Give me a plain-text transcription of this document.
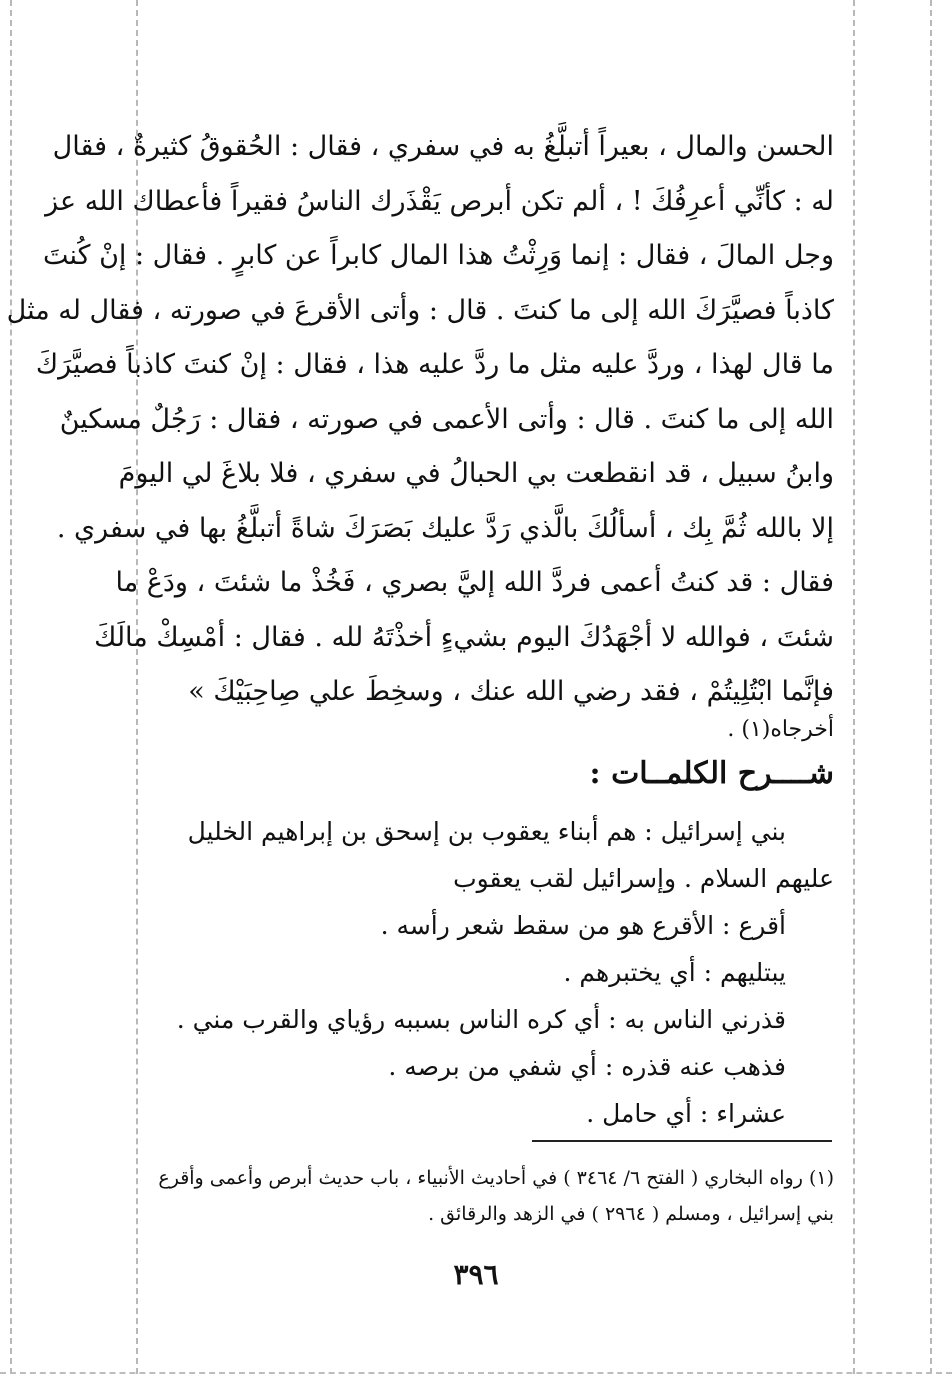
الحسن والمال ، بعيراً أتبلَّغُ به في سفري ، فقال : الحُقوقُ كثيرةٌ ، فقال
له : كأنِّي أعرِفُكَ ! ، ألم تكن أبرص يَقْذَرك الناسُ فقيراً فأعطاك الله عز
وجل المالَ ، فقال : إنما وَرِثْتُ هذا المال كابراً عن كابرٍ . فقال : إنْ كُنتَ
كاذباً فصيَّرَكَ الله إلى ما كنتَ . قال : وأتى الأقرعَ في صورته ، فقال له مثل
ما قال لهذا ، وردَّ عليه مثل ما ردَّ عليه هذا ، فقال : إنْ كنتَ كاذباً فصيَّرَكَ
الله إلى ما كنتَ . قال : وأتى الأعمى في صورته ، فقال : رَجُلٌ مسكينٌ
وابنُ سبيل ، قد انقطعت بي الحبالُ في سفري ، فلا بلاغَ لي اليومَ
إلا بالله ثُمَّ بِك ، أسألُكَ بالَّذي رَدَّ عليك بَصَرَكَ شاةً أتبلَّغُ بها في سفري .
فقال : قد كنتُ أعمى فردَّ الله إليَّ بصري ، فَخُذْ ما شئتَ ، ودَعْ ما
شئتَ ، فوالله لا أجْهَدُكَ اليوم بشيءٍ أخذْتَهُ لله . فقال : أمْسِكْ مالَكَ
فإنَّما ابْتُلِيتُمْ ، فقد رضي الله عنك ، وسخِطَ علي صِاحِبَيْكَ »
أخرجاه(١) .
شــــرح الكلمــات :
بني إسرائيل : هم أبناء يعقوب بن إسحق بن إبراهيم الخليل
عليهم السلام . وإسرائيل لقب يعقوب
أقرع : الأقرع هو من سقط شعر رأسه .
يبتليهم : أي يختبرهم .
قذرني الناس به : أي كره الناس بسببه رؤياي والقرب مني .
فذهب عنه قذره : أي شفي من برصه .
عشراء : أي حامل .
(١) رواه البخاري ( الفتح ٦/ ٣٤٦٤ ) في أحاديث الأنبياء ، باب حديث أبرص وأعمى وأقرع
بني إسرائيل ، ومسلم ( ٢٩٦٤ ) في الزهد والرقائق .
٣٩٦
